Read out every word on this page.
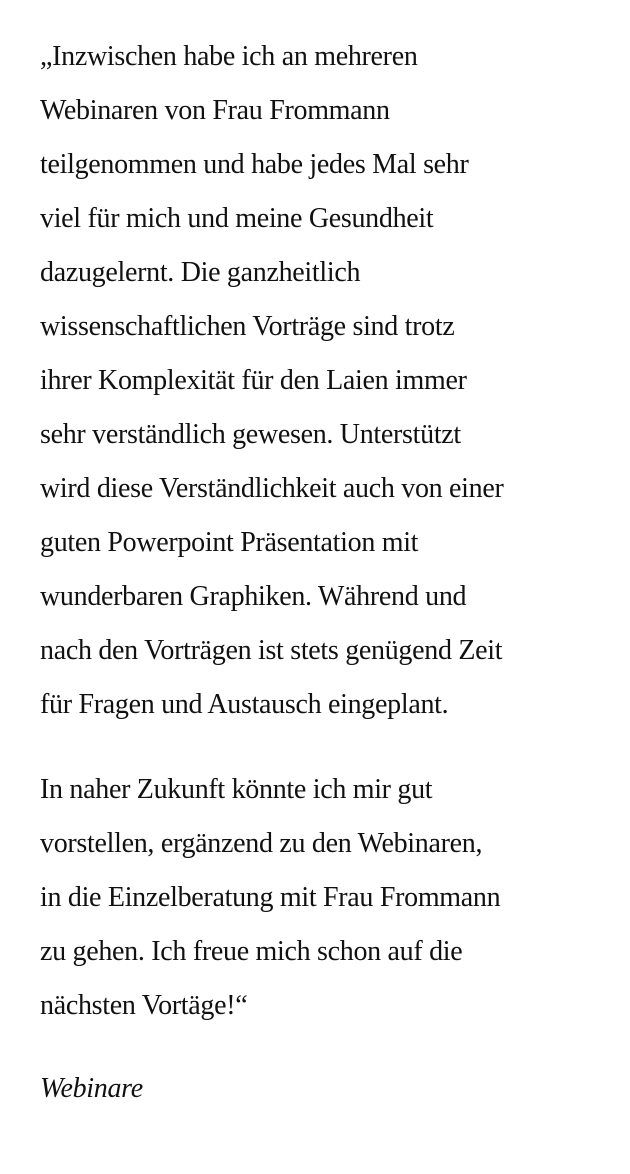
„Inzwischen habe ich an mehreren
Webinaren von Frau Frommann
teilgenommen und habe jedes Mal sehr
viel für mich und meine Gesundheit
dazugelernt. Die ganzheitlich
wissenschaftlichen Vorträge sind trotz
ihrer Komplexität für den Laien immer
sehr verständlich gewesen. Unterstützt
wird diese Verständlichkeit auch von einer
guten Powerpoint Präsentation mit
wunderbaren Graphiken. Während und
nach den Vorträgen ist stets genügend Zeit
für Fragen und Austausch eingeplant.

In naher Zukunft könnte ich mir gut
vorstellen, ergänzend zu den Webinaren,
in die Einzelberatung mit Frau Frommann
zu gehen. Ich freue mich schon auf die
nächsten Vortäge!“

Webinare
